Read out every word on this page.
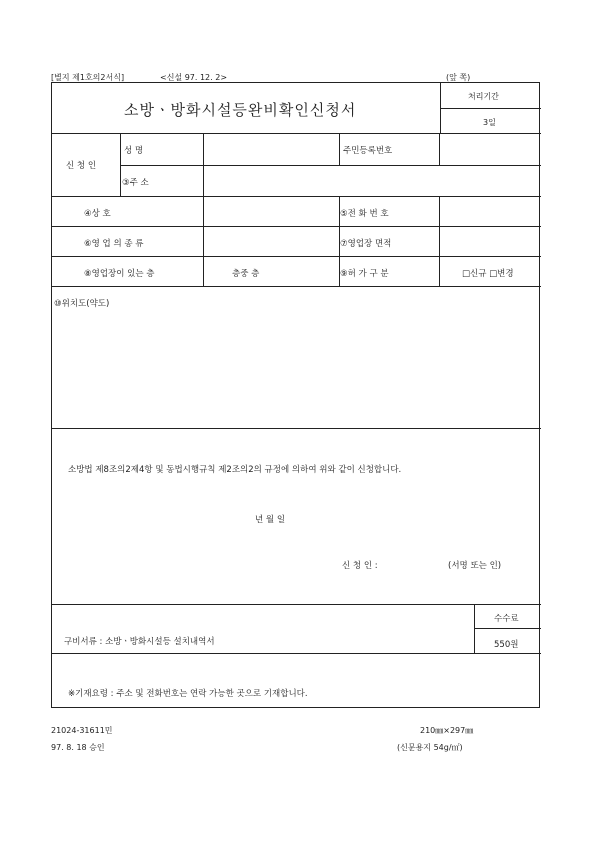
[별지 제1호의2서식]	<신설 97. 12. 2>	(앞 쪽)
소방ㆍ방화시설등완비확인신청서
처리기간
3일
신 청 인
성 명	주민등록번호
③주 소
④상 호	⑤전 화 번 호
⑥영 업 의 종 류	⑦영업장 면적
⑧영업장이 있는 층	층중 층	⑨허 가 구 분	□신규 □변경
⑩위치도(약도)
소방법 제8조의2제4항 및 동법시행규칙 제2조의2의 규정에 의하여 위와 같이 신청합니다.
년 월 일
신 청 인 :	(서명 또는 인)
구비서류 : 소방ㆍ방화시설등 설치내역서
수수료
550원
※기재요령 : 주소 및 전화번호는 연락 가능한 곳으로 기재합니다.
21024-31611민
97. 8. 18 승인
210㎜×297㎜
(신문용지 54g/㎡)
